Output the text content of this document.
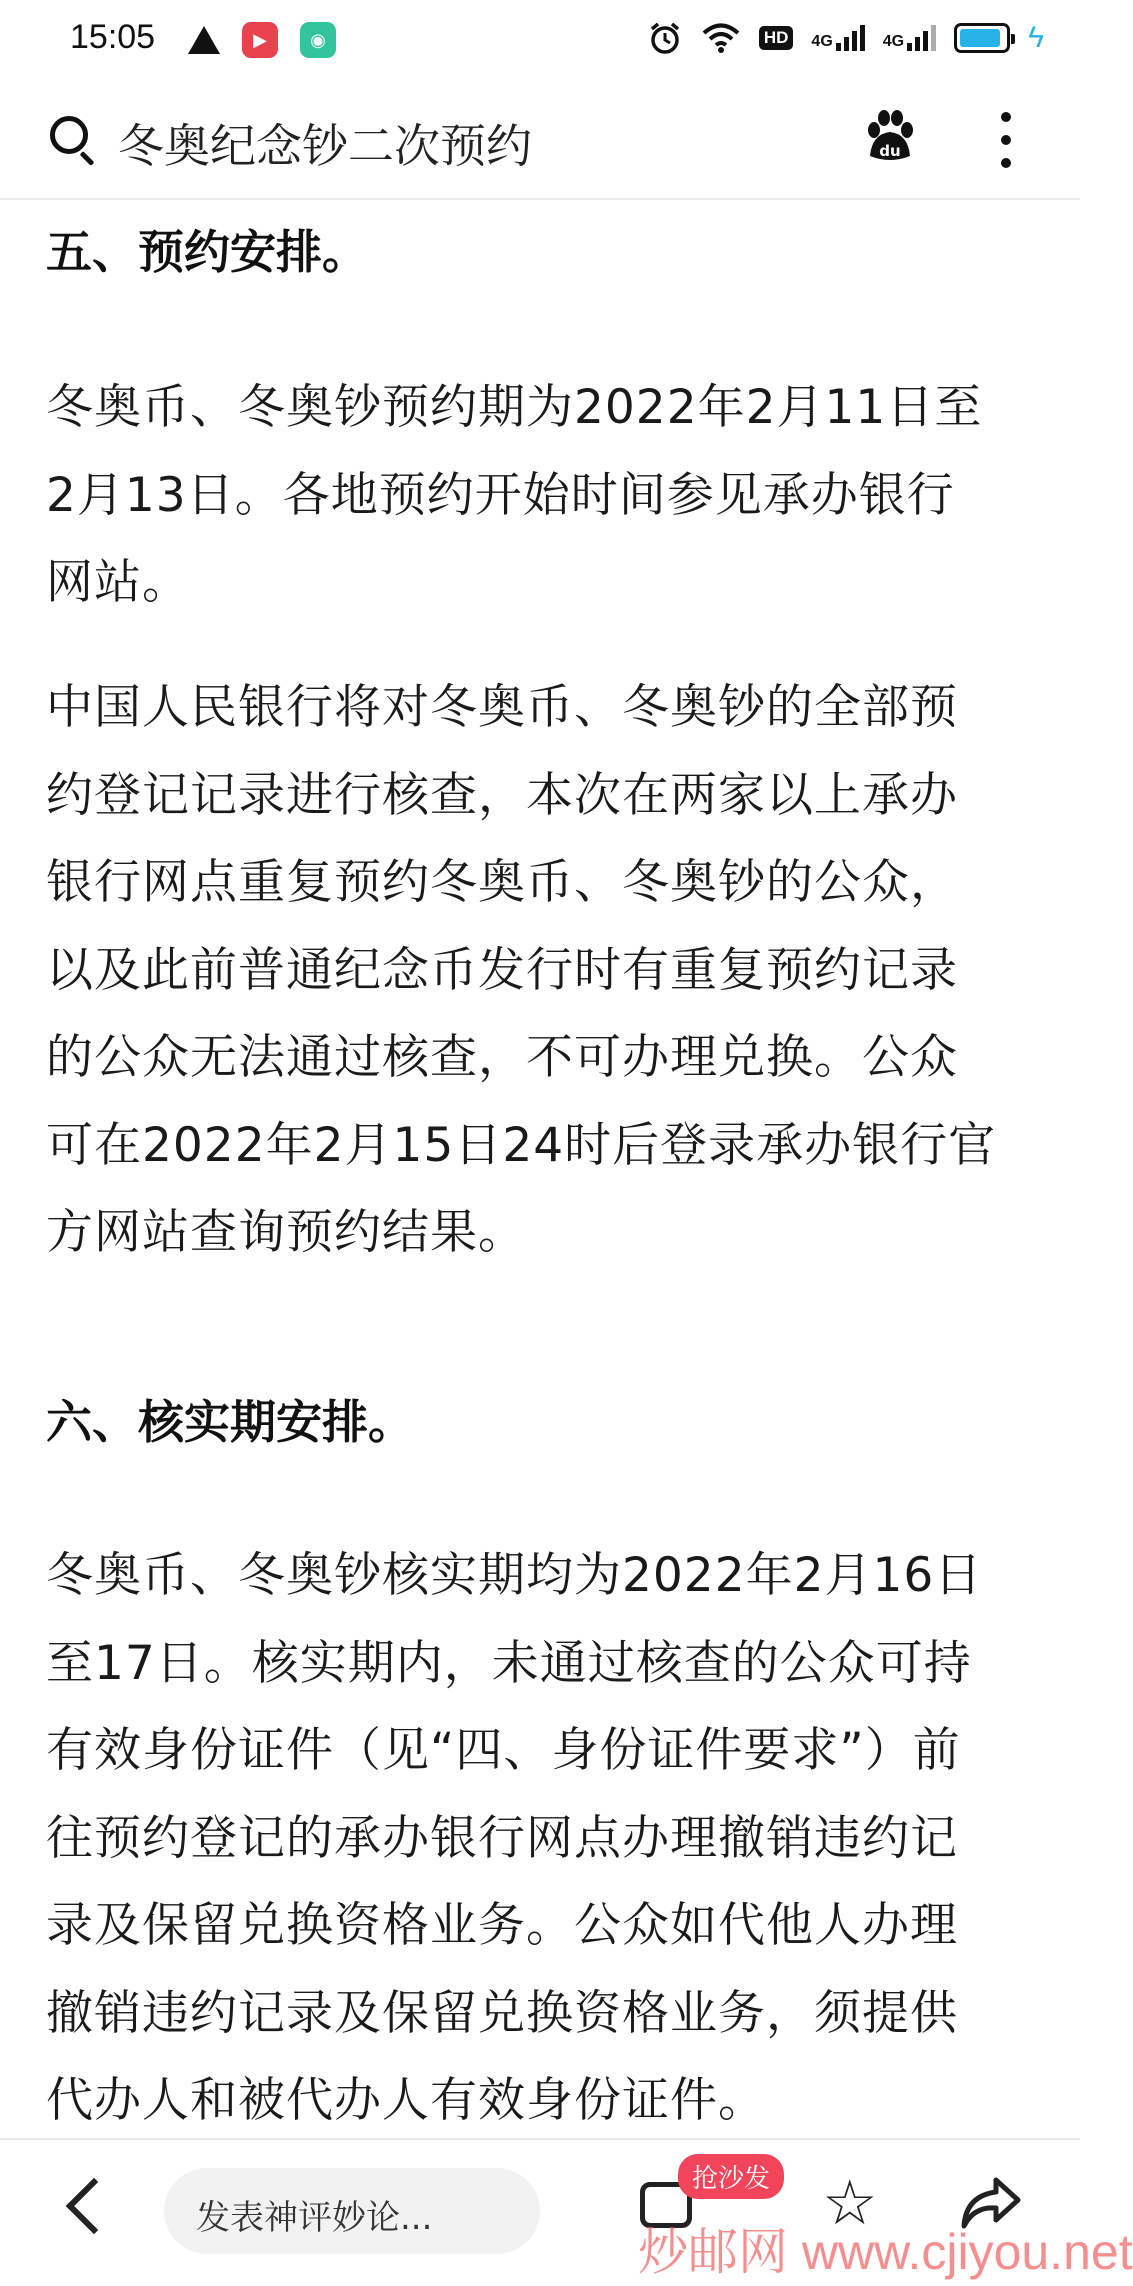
15:05	▶	◉	HD	4G	4G	ϟ
冬奥纪念钞二次预约	du
五、预约安排。
冬奥币、冬奥钞预约期为2022年2月11日至
2月13日。各地预约开始时间参见承办银行
网站。
中国人民银行将对冬奥币、冬奥钞的全部预
约登记记录进行核查，本次在两家以上承办
银行网点重复预约冬奥币、冬奥钞的公众，
以及此前普通纪念币发行时有重复预约记录
的公众无法通过核查，不可办理兑换。公众
可在2022年2月15日24时后登录承办银行官
方网站查询预约结果。
六、核实期安排。
冬奥币、冬奥钞核实期均为2022年2月16日
至17日。核实期内，未通过核查的公众可持
有效身份证件（见“四、身份证件要求”）前
往预约登记的承办银行网点办理撤销违约记
录及保留兑换资格业务。公众如代他人办理
撤销违约记录及保留兑换资格业务，须提供
代办人和被代办人有效身份证件。
发表神评妙论...
抢沙发 ☆
炒邮网 www.cjiyou.net
